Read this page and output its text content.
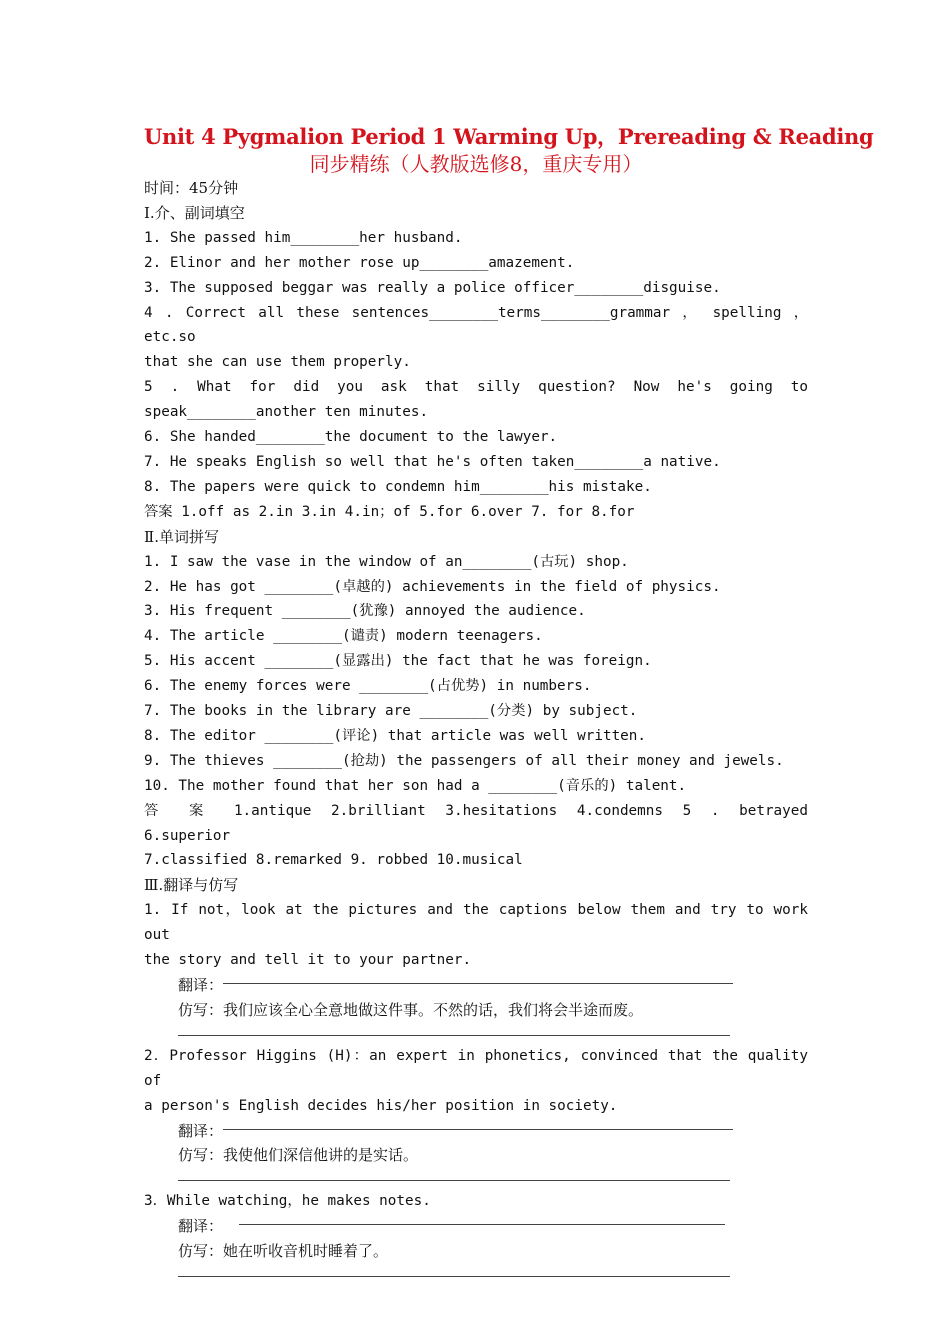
Unit 4 Pygmalion Period 1 Warming Up，Prereading & Reading
同步精练（人教版选修8，重庆专用）
时间：45分钟
Ⅰ.介、副词填空
1. She passed him________her husband.
2. Elinor and her mother rose up________amazement.
3. The supposed beggar was really a police officer________disguise.
4 . Correct all these sentences________terms________grammar ， spelling ， etc.so
that she can use them properly.
5 . What for did you ask that silly question? Now he's going to
speak________another ten minutes.
6. She handed________the document to the lawyer.
7. He speaks English so well that he's often taken________a native.
8. The papers were quick to condemn him________his mistake.
答案 1.off as 2.in 3.in 4.in；of 5.for 6.over 7. for 8.for
Ⅱ.单词拼写
1. I saw the vase in the window of an________(古玩) shop.
2. He has got ________(卓越的) achievements in the field of physics.
3. His frequent ________(犹豫) annoyed the audience.
4. The article ________(谴责) modern teenagers.
5. His accent ________(显露出) the fact that he was foreign.
6. The enemy forces were ________(占优势) in numbers.
7. The books in the library are ________(分类) by subject.
8. The editor ________(评论) that article was well written.
9. The thieves ________(抢劫) the passengers of all their money and jewels.
10. The mother found that her son had a ________(音乐的) talent.
答 案 1.antique 2.brilliant 3.hesitations 4.condemns 5 . betrayed
6.superior
7.classified 8.remarked 9. robbed 10.musical
Ⅲ.翻译与仿写
1. If not，look at the pictures and the captions below them and try to work out
the story and tell it to your partner.
翻译：
仿写：我们应该全心全意地做这件事。不然的话，我们将会半途而废。
2．Professor Higgins (H)：an expert in phonetics, convinced that the quality of
a person's English decides his/her position in society.
翻译：
仿写：我使他们深信他讲的是实话。
3．While watching，he makes notes.
翻译：
仿写：她在听收音机时睡着了。
